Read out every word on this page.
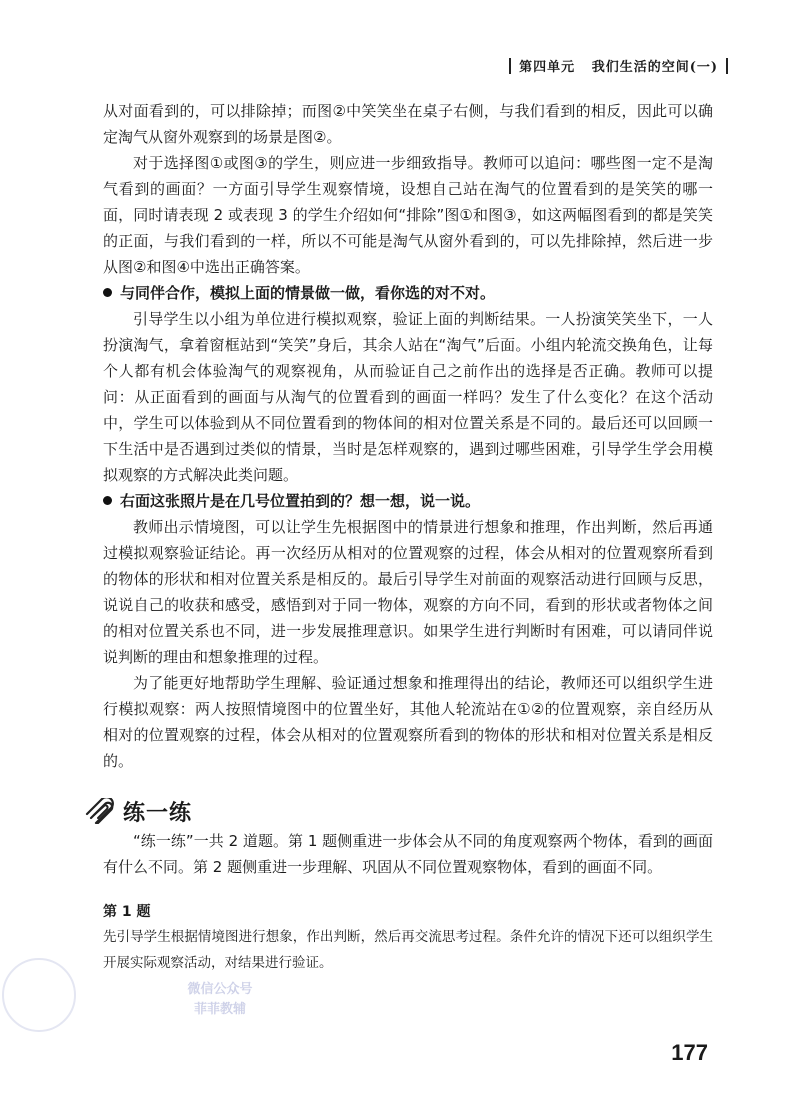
第四单元 我们生活的空间(一)

从对面看到的，可以排除掉；而图②中笑笑坐在桌子右侧，与我们看到的相反，因此可以确定淘气从窗外观察到的场景是图②。

对于选择图①或图③的学生，则应进一步细致指导。教师可以追问：哪些图一定不是淘气看到的画面？一方面引导学生观察情境，设想自己站在淘气的位置看到的是笑笑的哪一面，同时请表现 2 或表现 3 的学生介绍如何“排除”图①和图③，如这两幅图看到的都是笑笑的正面，与我们看到的一样，所以不可能是淘气从窗外看到的，可以先排除掉，然后进一步从图②和图④中选出正确答案。

与同伴合作，模拟上面的情景做一做，看你选的对不对。

引导学生以小组为单位进行模拟观察，验证上面的判断结果。一人扮演笑笑坐下，一人扮演淘气，拿着窗框站到“笑笑”身后，其余人站在“淘气”后面。小组内轮流交换角色，让每个人都有机会体验淘气的观察视角，从而验证自己之前作出的选择是否正确。教师可以提问：从正面看到的画面与从淘气的位置看到的画面一样吗？发生了什么变化？在这个活动中，学生可以体验到从不同位置看到的物体间的相对位置关系是不同的。最后还可以回顾一下生活中是否遇到过类似的情景，当时是怎样观察的，遇到过哪些困难，引导学生学会用模拟观察的方式解决此类问题。

右面这张照片是在几号位置拍到的？想一想，说一说。

教师出示情境图，可以让学生先根据图中的情景进行想象和推理，作出判断，然后再通过模拟观察验证结论。再一次经历从相对的位置观察的过程，体会从相对的位置观察所看到的物体的形状和相对位置关系是相反的。最后引导学生对前面的观察活动进行回顾与反思，说说自己的收获和感受，感悟到对于同一物体，观察的方向不同，看到的形状或者物体之间的相对位置关系也不同，进一步发展推理意识。如果学生进行判断时有困难，可以请同伴说说判断的理由和想象推理的过程。

为了能更好地帮助学生理解、验证通过想象和推理得出的结论，教师还可以组织学生进行模拟观察：两人按照情境图中的位置坐好，其他人轮流站在①②的位置观察，亲自经历从相对的位置观察的过程，体会从相对的位置观察所看到的物体的形状和相对位置关系是相反的。

练一练

“练一练”一共 2 道题。第 1 题侧重进一步体会从不同的角度观察两个物体，看到的画面有什么不同。第 2 题侧重进一步理解、巩固从不同位置观察物体，看到的画面不同。

第 1 题

先引导学生根据情境图进行想象，作出判断，然后再交流思考过程。条件允许的情况下还可以组织学生开展实际观察活动，对结果进行验证。

微信公众号
菲菲教辅
177
